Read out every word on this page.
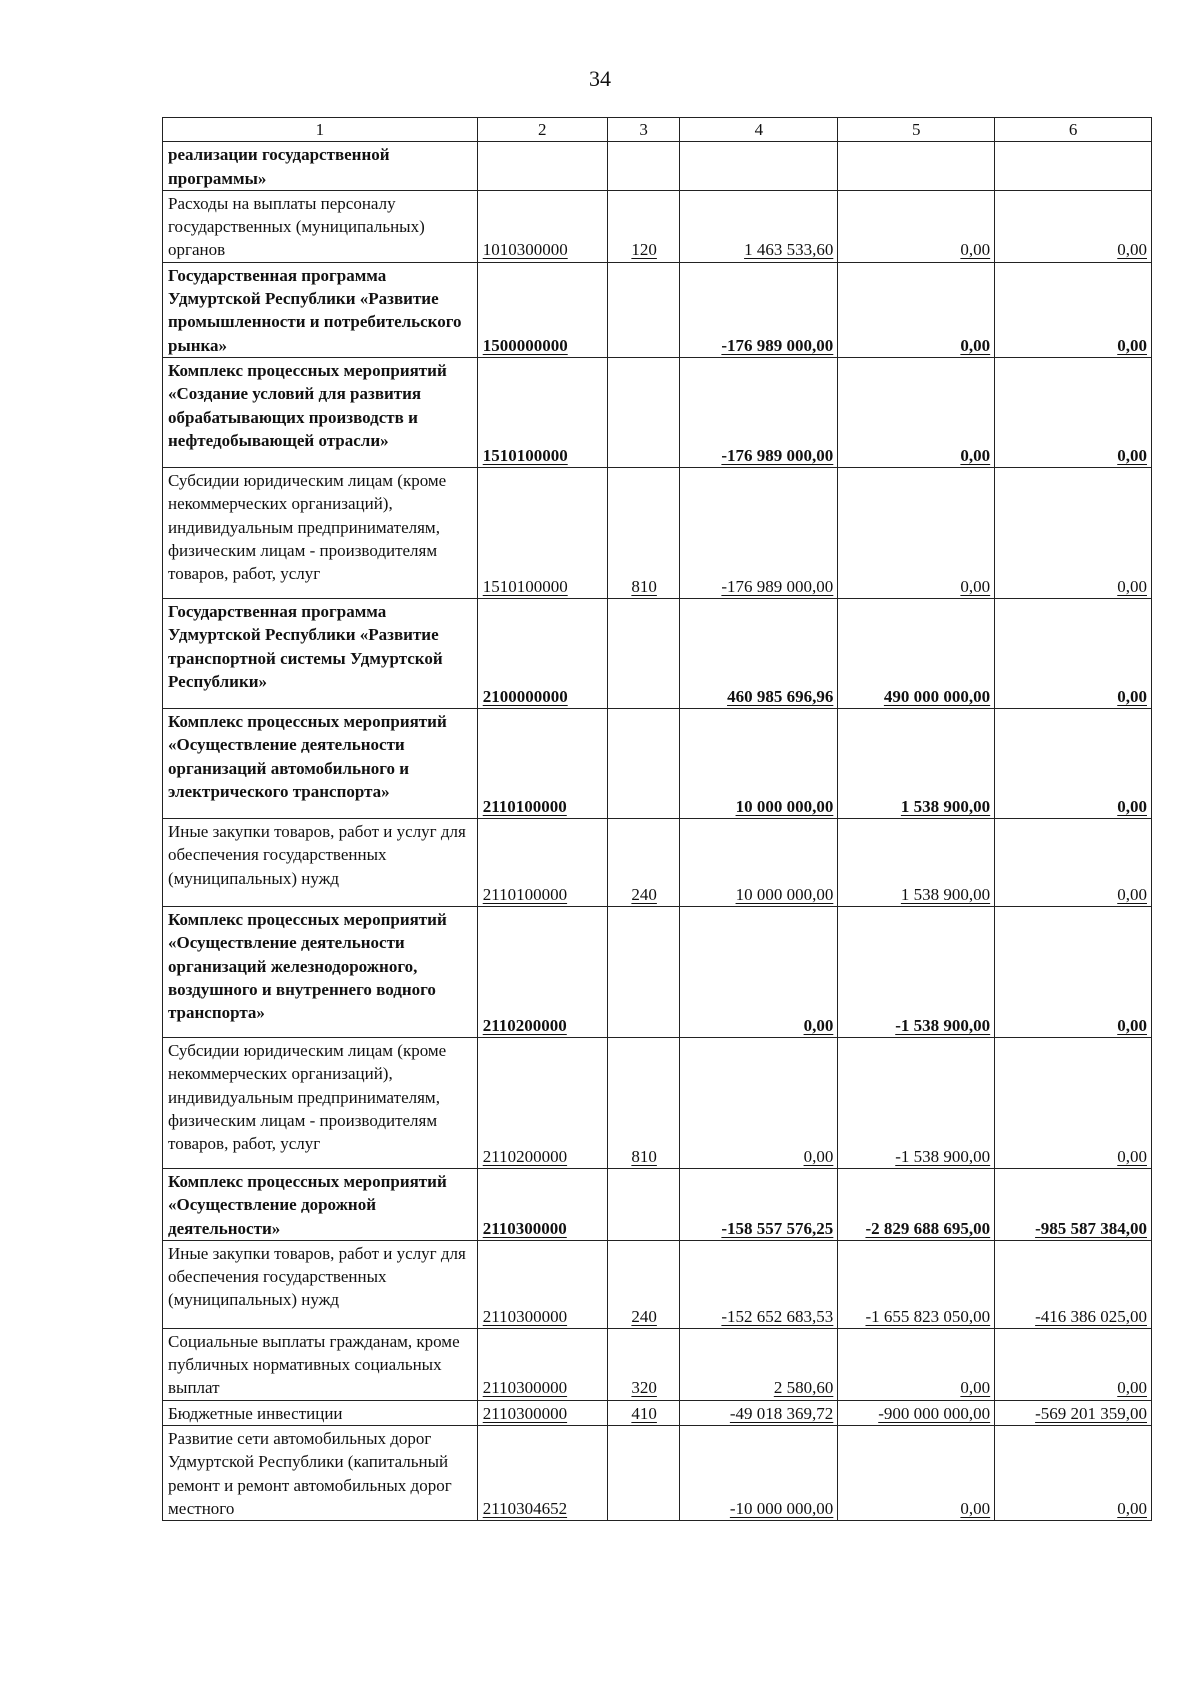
34
1	2	3	4	5	6
реализации государственной программы»					
Расходы на выплаты персоналу государственных (муниципальных) органов	1010300000	120	1 463 533,60	0,00	0,00
Государственная программа Удмуртской Республики «Развитие промышленности и потребительского рынка»	1500000000		-176 989 000,00	0,00	0,00
Комплекс процессных мероприятий «Создание условий для развития обрабатывающих производств и нефтедобывающей отрасли»	1510100000		-176 989 000,00	0,00	0,00
Субсидии юридическим лицам (кроме некоммерческих организаций), индивидуальным предпринимателям, физическим лицам - производителям товаров, работ, услуг	1510100000	810	-176 989 000,00	0,00	0,00
Государственная программа Удмуртской Республики «Развитие транспортной системы Удмуртской Республики»	2100000000		460 985 696,96	490 000 000,00	0,00
Комплекс процессных мероприятий «Осуществление деятельности организаций автомобильного и электрического транспорта»	2110100000		10 000 000,00	1 538 900,00	0,00
Иные закупки товаров, работ и услуг для обеспечения государственных (муниципальных) нужд	2110100000	240	10 000 000,00	1 538 900,00	0,00
Комплекс процессных мероприятий «Осуществление деятельности организаций железнодорожного, воздушного и внутреннего водного транспорта»	2110200000		0,00	-1 538 900,00	0,00
Субсидии юридическим лицам (кроме некоммерческих организаций), индивидуальным предпринимателям, физическим лицам - производителям товаров, работ, услуг	2110200000	810	0,00	-1 538 900,00	0,00
Комплекс процессных мероприятий «Осуществление дорожной деятельности»	2110300000		-158 557 576,25	-2 829 688 695,00	-985 587 384,00
Иные закупки товаров, работ и услуг для обеспечения государственных (муниципальных) нужд	2110300000	240	-152 652 683,53	-1 655 823 050,00	-416 386 025,00
Социальные выплаты гражданам, кроме публичных нормативных социальных выплат	2110300000	320	2 580,60	0,00	0,00
Бюджетные инвестиции	2110300000	410	-49 018 369,72	-900 000 000,00	-569 201 359,00
Развитие сети автомобильных дорог Удмуртской Республики (капитальный ремонт и ремонт автомобильных дорог местного	2110304652		-10 000 000,00	0,00	0,00
